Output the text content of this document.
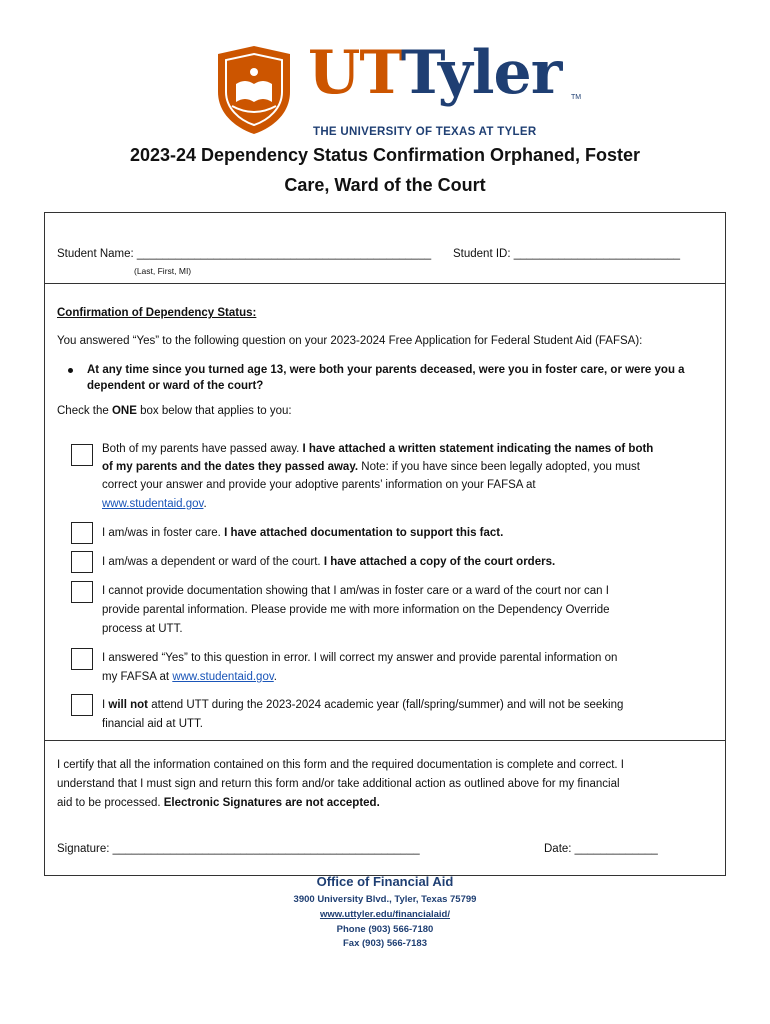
UTTyler TM
THE UNIVERSITY OF TEXAS AT TYLER
2023-24 Dependency Status Confirmation Orphaned, Foster
Care, Ward of the Court
Student Name: ______________________________________________
(Last, First, MI)
Student ID: __________________________
Confirmation of Dependency Status:
You answered “Yes” to the following question on your 2023-2024 Free Application for Federal Student Aid (FAFSA):
At any time since you turned age 13, were both your parents deceased, were you in foster care, or were you a
dependent or ward of the court?
Check the ONE box below that applies to you:
Both of my parents have passed away. I have attached a written statement indicating the names of both
of my parents and the dates they passed away. Note: if you have since been legally adopted, you must
correct your answer and provide your adoptive parents’ information on your FAFSA at
www.studentaid.gov.
I am/was in foster care. I have attached documentation to support this fact.
I am/was a dependent or ward of the court. I have attached a copy of the court orders.
I cannot provide documentation showing that I am/was in foster care or a ward of the court nor can I
provide parental information. Please provide me with more information on the Dependency Override
process at UTT.
I answered “Yes” to this question in error. I will correct my answer and provide parental information on
my FAFSA at www.studentaid.gov.
I will not attend UTT during the 2023-2024 academic year (fall/spring/summer) and will not be seeking
financial aid at UTT.
I certify that all the information contained on this form and the required documentation is complete and correct. I
understand that I must sign and return this form and/or take additional action as outlined above for my financial
aid to be processed. Electronic Signatures are not accepted.
Signature: ________________________________________________	Date: _____________
Office of Financial Aid
3900 University Blvd., Tyler, Texas 75799
www.uttyler.edu/financialaid/
Phone (903) 566-7180
Fax (903) 566-7183
